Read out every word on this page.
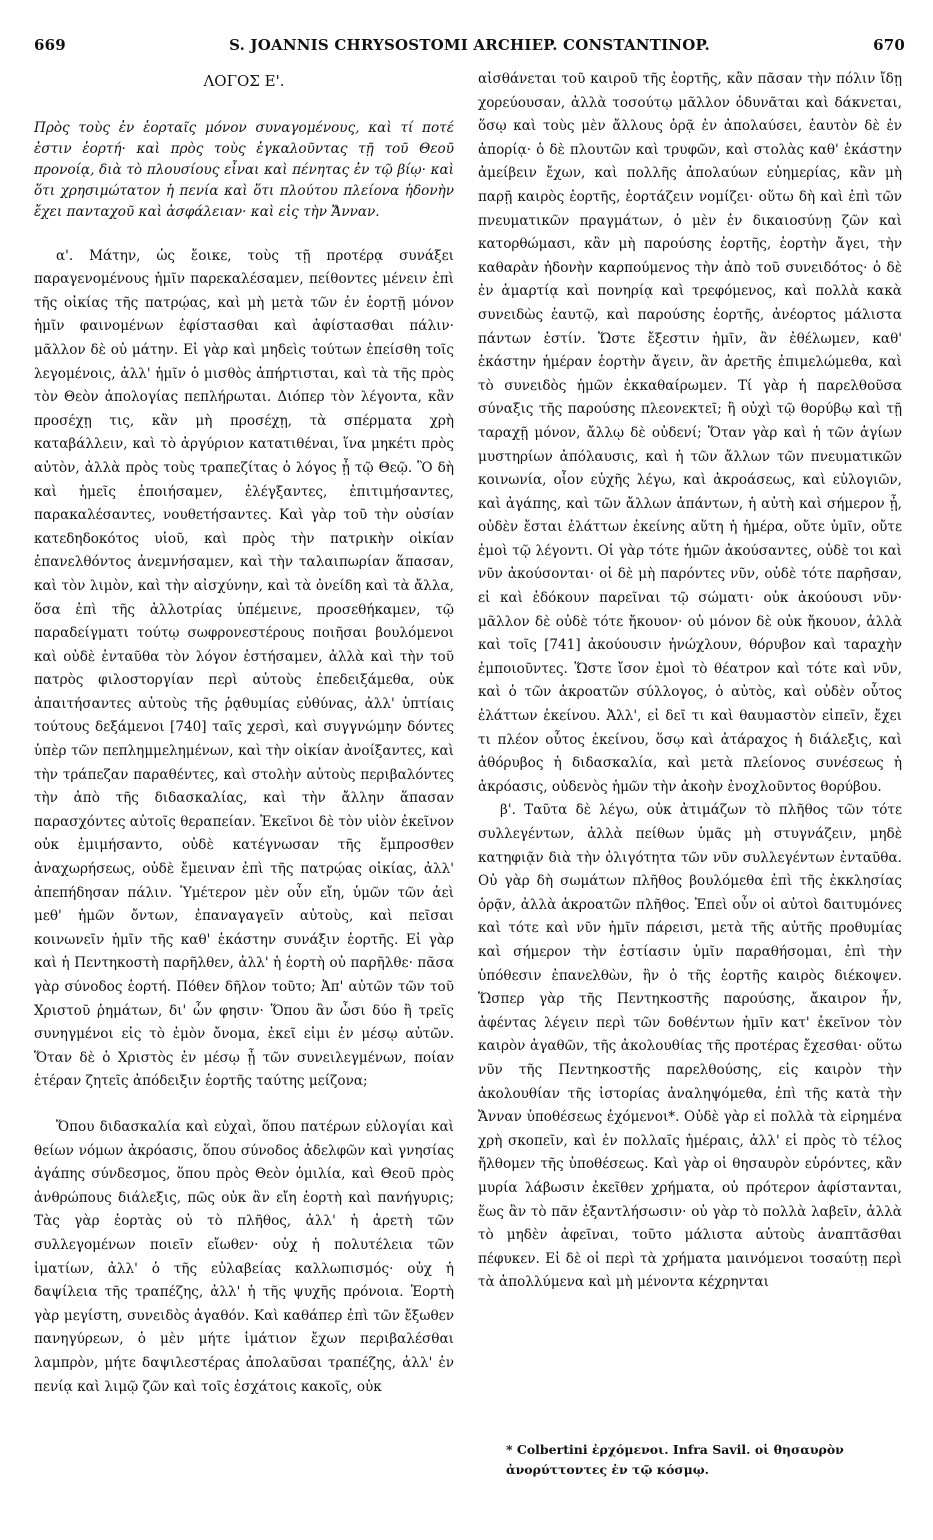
669	S. JOANNIS CHRYSOSTOMI ARCHIEP. CONSTANTINOP.	670
ΛΟΓΟΣ Ε'.

Πρὸς τοὺς ἐν ἑορταῖς μόνον συναγομένους, καὶ τί ποτέ ἐστιν ἑορτή· καὶ πρὸς τοὺς ἐγκαλοῦντας τῇ τοῦ Θεοῦ προνοίᾳ, διὰ τὸ πλουσίους εἶναι καὶ πένητας ἐν τῷ βίῳ· καὶ ὅτι χρησιμώτατον ἡ πενία καὶ ὅτι πλούτου πλείονα ἡδονὴν ἔχει πανταχοῦ καὶ ἀσφάλειαν· καὶ εἰς τὴν Ἄνναν.

α'. Μάτην, ὡς ἔοικε, τοὺς τῇ προτέρᾳ συνάξει παραγενομένους ἡμῖν παρεκαλέσαμεν, πείθοντες μένειν ἐπὶ τῆς οἰκίας τῆς πατρῴας, καὶ μὴ μετὰ τῶν ἐν ἑορτῇ μόνον ἡμῖν φαινομένων ἐφίστασθαι καὶ ἀφίστασθαι πάλιν· μᾶλλον δὲ οὐ μάτην. Εἰ γὰρ καὶ μηδεὶς τούτων ἐπείσθη τοῖς λεγομένοις, ἀλλ' ἡμῖν ὁ μισθὸς ἀπήρτισται, καὶ τὰ τῆς πρὸς τὸν Θεὸν ἀπολογίας πεπλήρωται. Διόπερ τὸν λέγοντα, κἂν προσέχῃ τις, κἂν μὴ προσέχῃ, τὰ σπέρματα χρὴ καταβάλλειν, καὶ τὸ ἀργύριον κατατιθέναι, ἵνα μηκέτι πρὸς αὐτὸν, ἀλλὰ πρὸς τοὺς τραπεζίτας ὁ λόγος ᾖ τῷ Θεῷ. Ὃ δὴ καὶ ἡμεῖς ἐποιήσαμεν, ἐλέγξαντες, ἐπιτιμήσαντες, παρακαλέσαντες, νουθετήσαντες. Καὶ γὰρ τοῦ τὴν οὐσίαν κατεδηδοκότος υἱοῦ, καὶ πρὸς τὴν πατρικὴν οἰκίαν ἐπανελθόντος ἀνεμνήσαμεν, καὶ τὴν ταλαιπωρίαν ἅπασαν, καὶ τὸν λιμὸν, καὶ τὴν αἰσχύνην, καὶ τὰ ὀνείδη καὶ τὰ ἄλλα, ὅσα ἐπὶ τῆς ἀλλοτρίας ὑπέμεινε, προσεθήκαμεν, τῷ παραδείγματι τούτῳ σωφρονεστέρους ποιῆσαι βουλόμενοι καὶ οὐδὲ ἐνταῦθα τὸν λόγον ἐστήσαμεν, ἀλλὰ καὶ τὴν τοῦ πατρὸς φιλοστοργίαν περὶ αὐτοὺς ἐπεδειξάμεθα, οὐκ ἀπαιτήσαντες αὐτοὺς τῆς ῥᾳθυμίας εὐθύνας, ἀλλ' ὑπτίαις τούτους δεξάμενοι [740] ταῖς χερσὶ, καὶ συγγνώμην δόντες ὑπὲρ τῶν πεπλημμελημένων, καὶ τὴν οἰκίαν ἀνοίξαντες, καὶ τὴν τράπεζαν παραθέντες, καὶ στολὴν αὐτοὺς περιβαλόντες τὴν ἀπὸ τῆς διδασκαλίας, καὶ τὴν ἄλλην ἅπασαν παρασχόντες αὐτοῖς θεραπείαν. Ἐκεῖνοι δὲ τὸν υἱὸν ἐκεῖνον οὐκ ἐμιμήσαντο, οὐδὲ κατέγνωσαν τῆς ἔμπροσθεν ἀναχωρήσεως, οὐδὲ ἔμειναν ἐπὶ τῆς πατρῴας οἰκίας, ἀλλ' ἀπεπήδησαν πάλιν. Ὑμέτερον μὲν οὖν εἴη, ὑμῶν τῶν ἀεὶ μεθ' ἡμῶν ὄντων, ἐπαναγαγεῖν αὐτοὺς, καὶ πεῖσαι κοινωνεῖν ἡμῖν τῆς καθ' ἑκάστην συνάξιν ἑορτῆς. Εἰ γὰρ καὶ ἡ Πεντηκοστὴ παρῆλθεν, ἀλλ' ἡ ἑορτὴ οὐ παρῆλθε· πᾶσα γὰρ σύνοδος ἑορτή. Πόθεν δῆλον τοῦτο; Ἀπ' αὐτῶν τῶν τοῦ Χριστοῦ ῥημάτων, δι' ὧν φησιν· Ὅπου ἂν ὦσι δύο ἢ τρεῖς συνηγμένοι εἰς τὸ ἐμὸν ὄνομα, ἐκεῖ εἰμι ἐν μέσῳ αὐτῶν. Ὅταν δὲ ὁ Χριστὸς ἐν μέσῳ ᾖ τῶν συνειλεγμένων, ποίαν ἑτέραν ζητεῖς ἀπόδειξιν ἑορτῆς ταύτης μείζονα;

Ὅπου διδασκαλία καὶ εὐχαὶ, ὅπου πατέρων εὐλογίαι καὶ θείων νόμων ἀκρόασις, ὅπου σύνοδος ἀδελφῶν καὶ γνησίας ἀγάπης σύνδεσμος, ὅπου πρὸς Θεὸν ὁμιλία, καὶ Θεοῦ πρὸς ἀνθρώπους διάλεξις, πῶς οὐκ ἂν εἴη ἑορτὴ καὶ πανήγυρις; Τὰς γὰρ ἑορτὰς οὐ τὸ πλῆθος, ἀλλ' ἡ ἀρετὴ τῶν συλλεγομένων ποιεῖν εἴωθεν· οὐχ ἡ πολυτέλεια τῶν ἱματίων, ἀλλ' ὁ τῆς εὐλαβείας καλλωπισμός· οὐχ ἡ δαψίλεια τῆς τραπέζης, ἀλλ' ἡ τῆς ψυχῆς πρόνοια. Ἑορτὴ γὰρ μεγίστη, συνειδὸς ἀγαθόν. Καὶ καθάπερ ἐπὶ τῶν ἔξωθεν πανηγύρεων, ὁ μὲν μήτε ἱμάτιον ἔχων περιβαλέσθαι λαμπρὸν, μήτε δαψιλεστέρας ἀπολαῦσαι τραπέζης, ἀλλ' ἐν πενίᾳ καὶ λιμῷ ζῶν καὶ τοῖς ἐσχάτοις κακοῖς, οὐκ

αἰσθάνεται τοῦ καιροῦ τῆς ἑορτῆς, κἂν πᾶσαν τὴν πόλιν ἴδῃ χορεύουσαν, ἀλλὰ τοσούτῳ μᾶλλον ὀδυνᾶται καὶ δάκνεται, ὅσῳ καὶ τοὺς μὲν ἄλλους ὁρᾷ ἐν ἀπολαύσει, ἑαυτὸν δὲ ἐν ἀπορίᾳ· ὁ δὲ πλουτῶν καὶ τρυφῶν, καὶ στολὰς καθ' ἑκάστην ἀμείβειν ἔχων, καὶ πολλῆς ἀπολαύων εὐημερίας, κἂν μὴ παρῇ καιρὸς ἑορτῆς, ἑορτάζειν νομίζει· οὕτω δὴ καὶ ἐπὶ τῶν πνευματικῶν πραγμάτων, ὁ μὲν ἐν δικαιοσύνῃ ζῶν καὶ κατορθώμασι, κἂν μὴ παρούσης ἑορτῆς, ἑορτὴν ἄγει, τὴν καθαρὰν ἡδονὴν καρπούμενος τὴν ἀπὸ τοῦ συνειδότος· ὁ δὲ ἐν ἁμαρτίᾳ καὶ πονηρίᾳ καὶ τρεφόμενος, καὶ πολλὰ κακὰ συνειδὼς ἑαυτῷ, καὶ παρούσης ἑορτῆς, ἀνέορτος μάλιστα πάντων ἐστίν. Ὥστε ἔξεστιν ἡμῖν, ἂν ἐθέλωμεν, καθ' ἑκάστην ἡμέραν ἑορτὴν ἄγειν, ἂν ἀρετῆς ἐπιμελώμεθα, καὶ τὸ συνειδὸς ἡμῶν ἐκκαθαίρωμεν. Τί γὰρ ἡ παρελθοῦσα σύναξις τῆς παρούσης πλεονεκτεῖ; ἢ οὐχὶ τῷ θορύβῳ καὶ τῇ ταραχῇ μόνον, ἄλλῳ δὲ οὐδενί; Ὅταν γὰρ καὶ ἡ τῶν ἁγίων μυστηρίων ἀπόλαυσις, καὶ ἡ τῶν ἄλλων τῶν πνευματικῶν κοινωνία, οἷον εὐχῆς λέγω, καὶ ἀκροάσεως, καὶ εὐλογιῶν, καὶ ἀγάπης, καὶ τῶν ἄλλων ἁπάντων, ἡ αὐτὴ καὶ σήμερον ᾖ, οὐδὲν ἔσται ἐλάττων ἐκείνης αὕτη ἡ ἡμέρα, οὔτε ὑμῖν, οὔτε ἐμοὶ τῷ λέγοντι. Οἱ γὰρ τότε ἡμῶν ἀκούσαντες, οὐδὲ τοι καὶ νῦν ἀκούσονται· οἱ δὲ μὴ παρόντες νῦν, οὐδὲ τότε παρῆσαν, εἰ καὶ ἐδόκουν παρεῖναι τῷ σώματι· οὐκ ἀκούουσι νῦν· μᾶλλον δὲ οὐδὲ τότε ἤκουον· οὐ μόνον δὲ οὐκ ἤκουον, ἀλλὰ καὶ τοῖς [741] ἀκούουσιν ἠνώχλουν, θόρυβον καὶ ταραχὴν ἐμποιοῦντες. Ὥστε ἴσον ἐμοὶ τὸ θέατρον καὶ τότε καὶ νῦν, καὶ ὁ τῶν ἀκροατῶν σύλλογος, ὁ αὐτὸς, καὶ οὐδὲν οὗτος ἐλάττων ἐκείνου. Ἀλλ', εἰ δεῖ τι καὶ θαυμαστὸν εἰπεῖν, ἔχει τι πλέον οὗτος ἐκείνου, ὅσῳ καὶ ἀτάραχος ἡ διάλεξις, καὶ ἀθόρυβος ἡ διδασκαλία, καὶ μετὰ πλείονος συνέσεως ἡ ἀκρόασις, οὐδενὸς ἡμῶν τὴν ἀκοὴν ἐνοχλοῦντος θορύβου.

β'. Ταῦτα δὲ λέγω, οὐκ ἀτιμάζων τὸ πλῆθος τῶν τότε συλλεγέντων, ἀλλὰ πείθων ὑμᾶς μὴ στυγνάζειν, μηδὲ κατηφιᾷν διὰ τὴν ὀλιγότητα τῶν νῦν συλλεγέντων ἐνταῦθα. Οὐ γὰρ δὴ σωμάτων πλῆθος βουλόμεθα ἐπὶ τῆς ἐκκλησίας ὁρᾷν, ἀλλὰ ἀκροατῶν πλῆθος. Ἐπεὶ οὖν οἱ αὐτοὶ δαιτυμόνες καὶ τότε καὶ νῦν ἡμῖν πάρεισι, μετὰ τῆς αὐτῆς προθυμίας καὶ σήμερον τὴν ἑστίασιν ὑμῖν παραθήσομαι, ἐπὶ τὴν ὑπόθεσιν ἐπανελθὼν, ἣν ὁ τῆς ἑορτῆς καιρὸς διέκοψεν. Ὥσπερ γὰρ τῆς Πεντηκοστῆς παρούσης, ἄκαιρον ἦν, ἀφέντας λέγειν περὶ τῶν δοθέντων ἡμῖν κατ' ἐκεῖνον τὸν καιρὸν ἀγαθῶν, τῆς ἀκολουθίας τῆς προτέρας ἔχεσθαι· οὕτω νῦν τῆς Πεντηκοστῆς παρελθούσης, εἰς καιρὸν τὴν ἀκολουθίαν τῆς ἱστορίας ἀναληψόμεθα, ἐπὶ τῆς κατὰ τὴν Ἄνναν ὑποθέσεως ἐχόμενοι*. Οὐδὲ γὰρ εἰ πολλὰ τὰ εἰρημένα χρὴ σκοπεῖν, καὶ ἐν πολλαῖς ἡμέραις, ἀλλ' εἰ πρὸς τὸ τέλος ἤλθομεν τῆς ὑποθέσεως. Καὶ γὰρ οἱ θησαυρὸν εὑρόντες, κἂν μυρία λάβωσιν ἐκεῖθεν χρήματα, οὐ πρότερον ἀφίστανται, ἕως ἂν τὸ πᾶν ἐξαντλήσωσιν· οὐ γὰρ τὸ πολλὰ λαβεῖν, ἀλλὰ τὸ μηδὲν ἀφεῖναι, τοῦτο μάλιστα αὐτοὺς ἀναπτᾶσθαι πέφυκεν. Εἰ δὲ οἱ περὶ τὰ χρήματα μαινόμενοι τοσαύτῃ περὶ τὰ ἀπολλύμενα καὶ μὴ μένοντα κέχρηνται

* Colbertini ἐρχόμενοι. Infra Savil. οἱ θησαυρὸν ἀνορύττοντες ἐν τῷ κόσμῳ.
